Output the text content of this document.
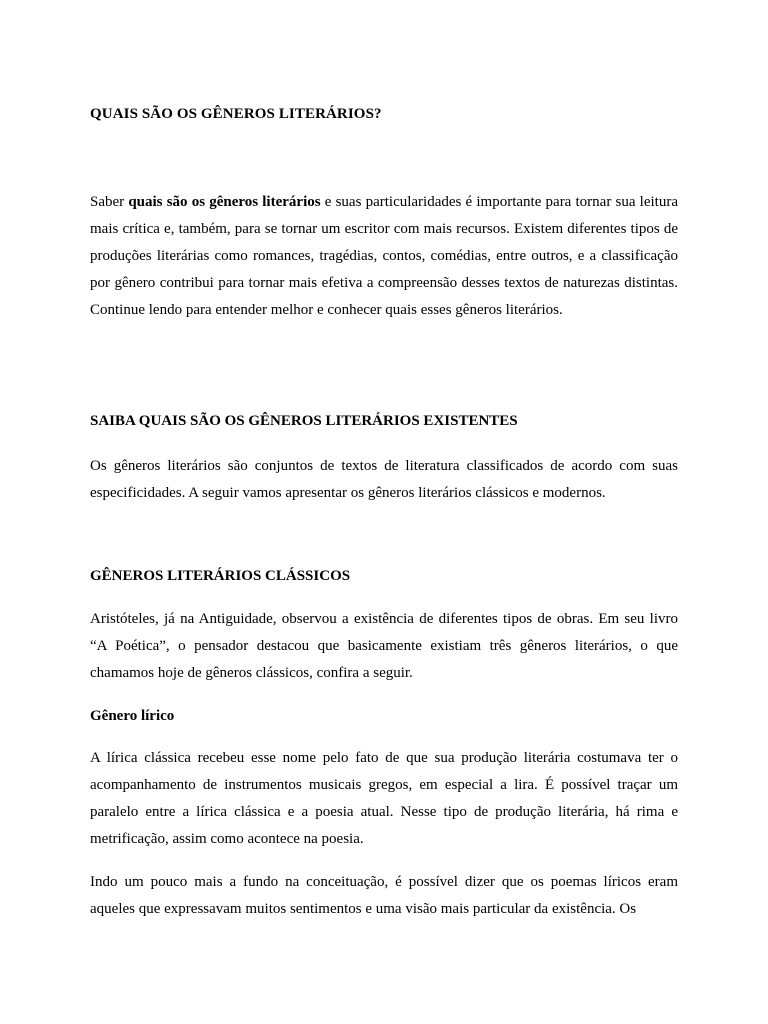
QUAIS SÃO OS GÊNEROS LITERÁRIOS?

Saber quais são os gêneros literários e suas particularidades é importante para tornar sua leitura mais crítica e, também, para se tornar um escritor com mais recursos. Existem diferentes tipos de produções literárias como romances, tragédias, contos, comédias, entre outros, e a classificação por gênero contribui para tornar mais efetiva a compreensão desses textos de naturezas distintas. Continue lendo para entender melhor e conhecer quais esses gêneros literários.

SAIBA QUAIS SÃO OS GÊNEROS LITERÁRIOS EXISTENTES

Os gêneros literários são conjuntos de textos de literatura classificados de acordo com suas especificidades. A seguir vamos apresentar os gêneros literários clássicos e modernos.

GÊNEROS LITERÁRIOS CLÁSSICOS

Aristóteles, já na Antiguidade, observou a existência de diferentes tipos de obras. Em seu livro “A Poética”, o pensador destacou que basicamente existiam três gêneros literários, o que chamamos hoje de gêneros clássicos, confira a seguir.

Gênero lírico

A lírica clássica recebeu esse nome pelo fato de que sua produção literária costumava ter o acompanhamento de instrumentos musicais gregos, em especial a lira. É possível traçar um paralelo entre a lírica clássica e a poesia atual. Nesse tipo de produção literária, há rima e metrificação, assim como acontece na poesia.

Indo um pouco mais a fundo na conceituação, é possível dizer que os poemas líricos eram aqueles que expressavam muitos sentimentos e uma visão mais particular da existência. Os
